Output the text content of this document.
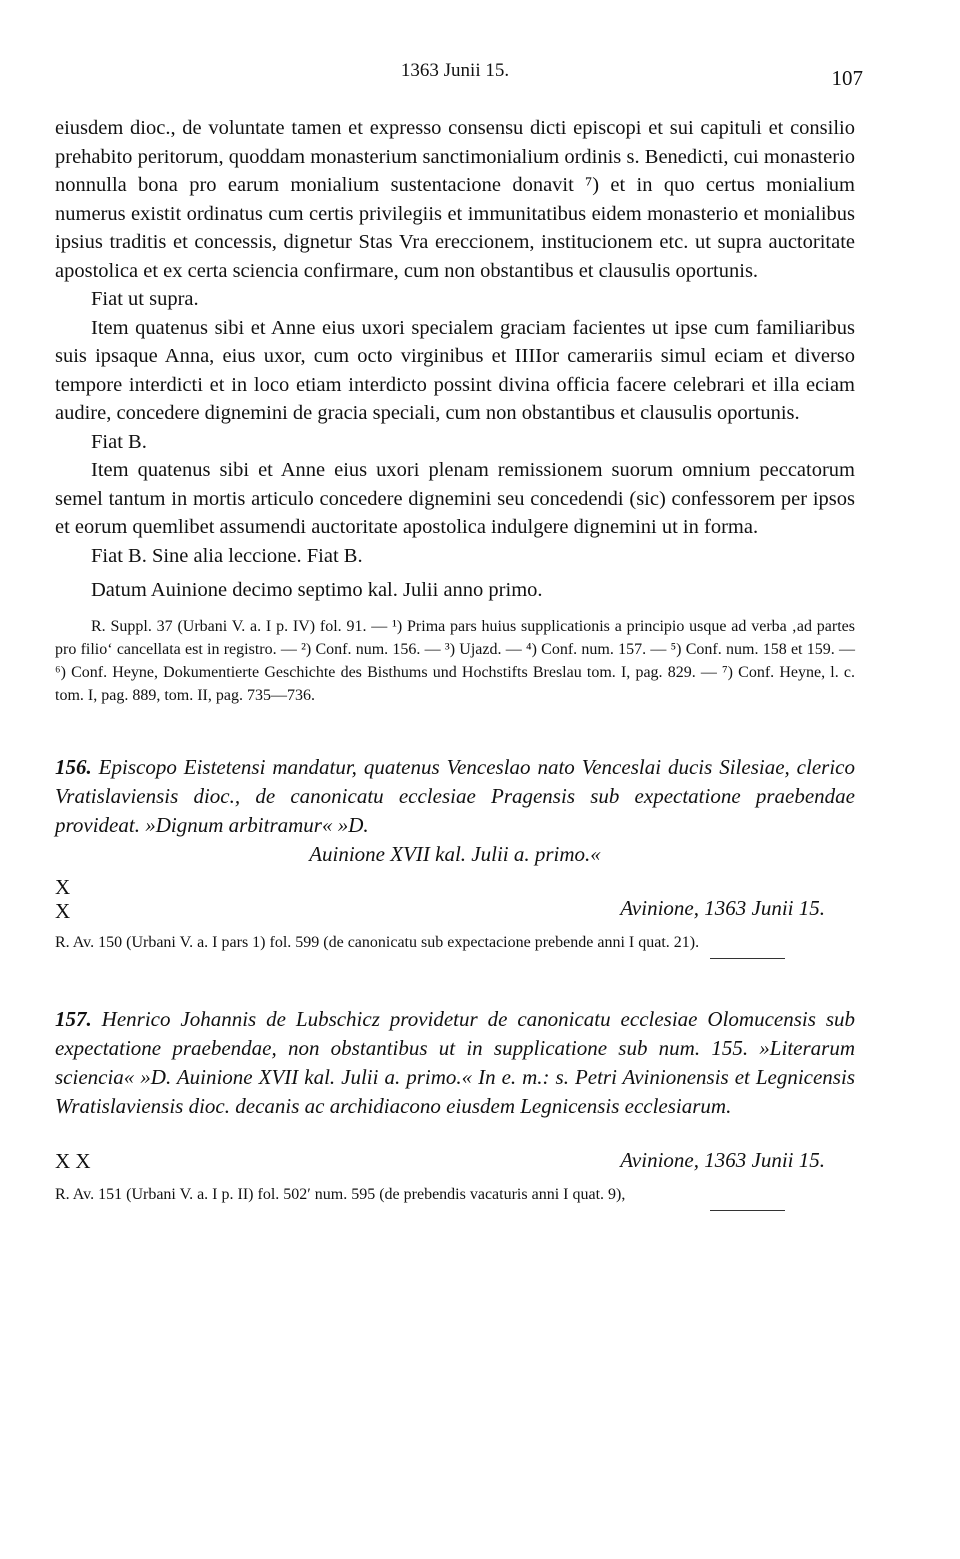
1363 Junii 15.	107

eiusdem dioc., de voluntate tamen et expresso consensu dicti episcopi et sui capituli et consilio prehabito peritorum, quoddam monasterium sanctimonialium ordinis s. Benedicti, cui monasterio nonnulla bona pro earum monialium sustentacione donavit ⁷) et in quo certus monialium numerus existit ordinatus cum certis privilegiis et immunitatibus eidem monasterio et monialibus ipsius traditis et concessis, dignetur Stas Vra ereccionem, institucionem etc. ut supra auctoritate apostolica et ex certa sciencia confirmare, cum non obstantibus et clausulis oportunis.

Fiat ut supra.

Item quatenus sibi et Anne eius uxori specialem graciam facientes ut ipse cum familiaribus suis ipsaque Anna, eius uxor, cum octo virginibus et IIIIor camerariis simul eciam et diverso tempore interdicti et in loco etiam interdicto possint divina officia facere celebrari et illa eciam audire, concedere dignemini de gracia speciali, cum non obstantibus et clausulis oportunis.

Fiat B.

Item quatenus sibi et Anne eius uxori plenam remissionem suorum omnium peccatorum semel tantum in mortis articulo concedere dignemini seu concedendi (sic) confessorem per ipsos et eorum quemlibet assumendi auctoritate apostolica indulgere dignemini ut in forma.

Fiat B. Sine alia leccione. Fiat B.

Datum Auinione decimo septimo kal. Julii anno primo.

R. Suppl. 37 (Urbani V. a. I p. IV) fol. 91. — ¹) Prima pars huius supplicationis a principio usque ad verba ‚ad partes pro filio‘ cancellata est in registro. — ²) Conf. num. 156. — ³) Ujazd. — ⁴) Conf. num. 157. — ⁵) Conf. num. 158 et 159. — ⁶) Conf. Heyne, Dokumentierte Geschichte des Bisthums und Hochstifts Breslau tom. I, pag. 829. — ⁷) Conf. Heyne, l. c. tom. I, pag. 889, tom. II, pag. 735—736.

156. Episcopo Eistetensi mandatur, quatenus Venceslao nato Venceslai ducis Silesiae, clerico Vratislaviensis dioc., de canonicatu ecclesiae Pragensis sub expectatione praebendae provideat. »Dignum arbitramur« »D.
Auinione XVII kal. Julii a. primo.«

X X	Avinione, 1363 Junii 15.

R. Av. 150 (Urbani V. a. I pars 1) fol. 599 (de canonicatu sub expectacione prebende anni I quat. 21).

157. Henrico Johannis de Lubschicz providetur de canonicatu ecclesiae Olomucensis sub expectatione praebendae, non obstantibus ut in supplicatione sub num. 155. »Literarum sciencia« »D. Auinione XVII kal. Julii a. primo.« In e. m.: s. Petri Avinionensis et Legnicensis Wratislaviensis dioc. decanis ac archidiacono eiusdem Legnicensis ecclesiarum.

X X	Avinione, 1363 Junii 15.

R. Av. 151 (Urbani V. a. I p. II) fol. 502′ num. 595 (de prebendis vacaturis anni I quat. 9),
